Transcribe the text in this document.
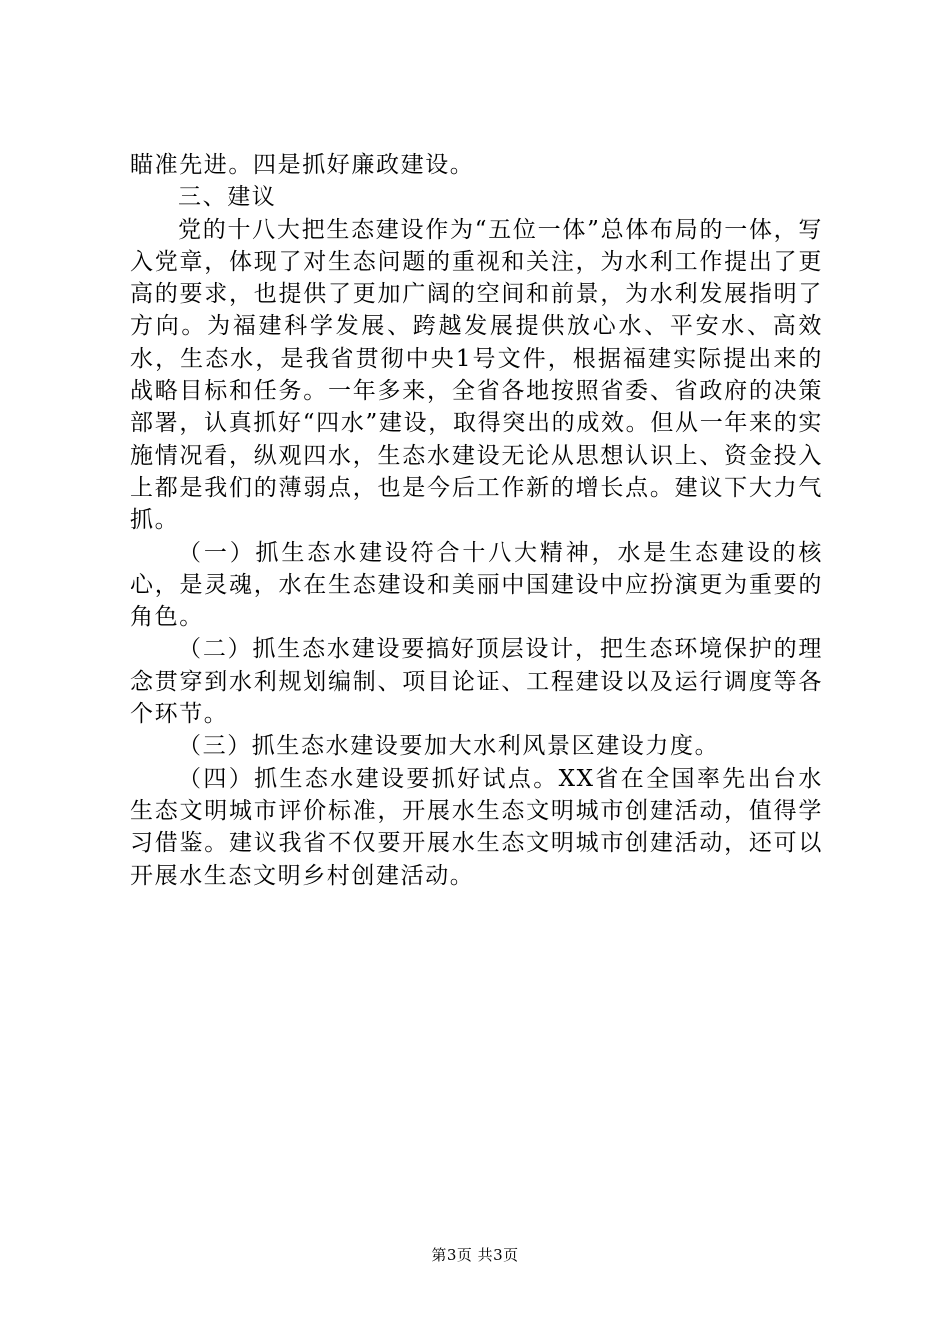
瞄准先进。四是抓好廉政建设。

三、建议

党的十八大把生态建设作为“五位一体”总体布局的一体，写入党章，体现了对生态问题的重视和关注，为水利工作提出了更高的要求，也提供了更加广阔的空间和前景，为水利发展指明了方向。为福建科学发展、跨越发展提供放心水、平安水、高效水，生态水，是我省贯彻中央1号文件，根据福建实际提出来的战略目标和任务。一年多来，全省各地按照省委、省政府的决策部署，认真抓好“四水”建设，取得突出的成效。但从一年来的实施情况看，纵观四水，生态水建设无论从思想认识上、资金投入上都是我们的薄弱点，也是今后工作新的增长点。建议下大力气抓。

（一）抓生态水建设符合十八大精神，水是生态建设的核心，是灵魂，水在生态建设和美丽中国建设中应扮演更为重要的角色。

（二）抓生态水建设要搞好顶层设计，把生态环境保护的理念贯穿到水利规划编制、项目论证、工程建设以及运行调度等各个环节。

（三）抓生态水建设要加大水利风景区建设力度。

（四）抓生态水建设要抓好试点。XX省在全国率先出台水生态文明城市评价标准，开展水生态文明城市创建活动，值得学习借鉴。建议我省不仅要开展水生态文明城市创建活动，还可以开展水生态文明乡村创建活动。

第3页 共3页
